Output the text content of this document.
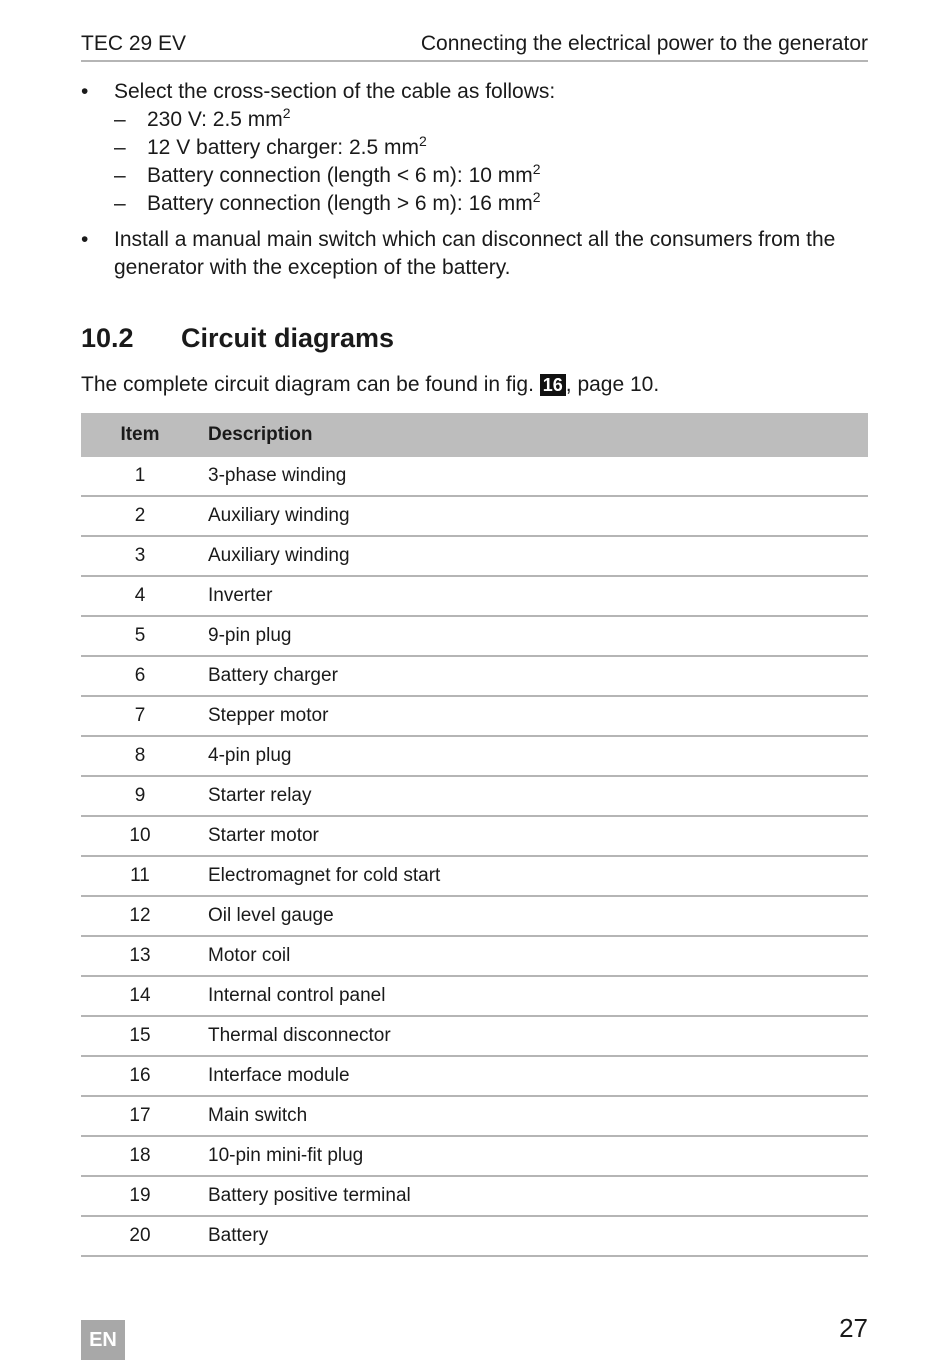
TEC 29 EV	Connecting the electrical power to the generator
• Select the cross-section of the cable as follows:
– 230 V: 2.5 $mm^2$
– 12 V battery charger: 2.5 $mm^2$
– Battery connection (length < 6 m): 10 $mm^2$
– Battery connection (length > 6 m): 16 $mm^2$
• Install a manual main switch which can disconnect all the consumers from the generator with the exception of the battery.
10.2 Circuit diagrams
The complete circuit diagram can be found in fig. 16 , page 10.
Item	Description
1	3-phase winding
2	Auxiliary winding
3	Auxiliary winding
4	Inverter
5	9-pin plug
6	Battery charger
7	Stepper motor
8	4-pin plug
9	Starter relay
10	Starter motor
11	Electromagnet for cold start
12	Oil level gauge
13	Motor coil
14	Internal control panel
15	Thermal disconnector
16	Interface module
17	Main switch
18	10-pin mini-fit plug
19	Battery positive terminal
20	Battery
EN	27
